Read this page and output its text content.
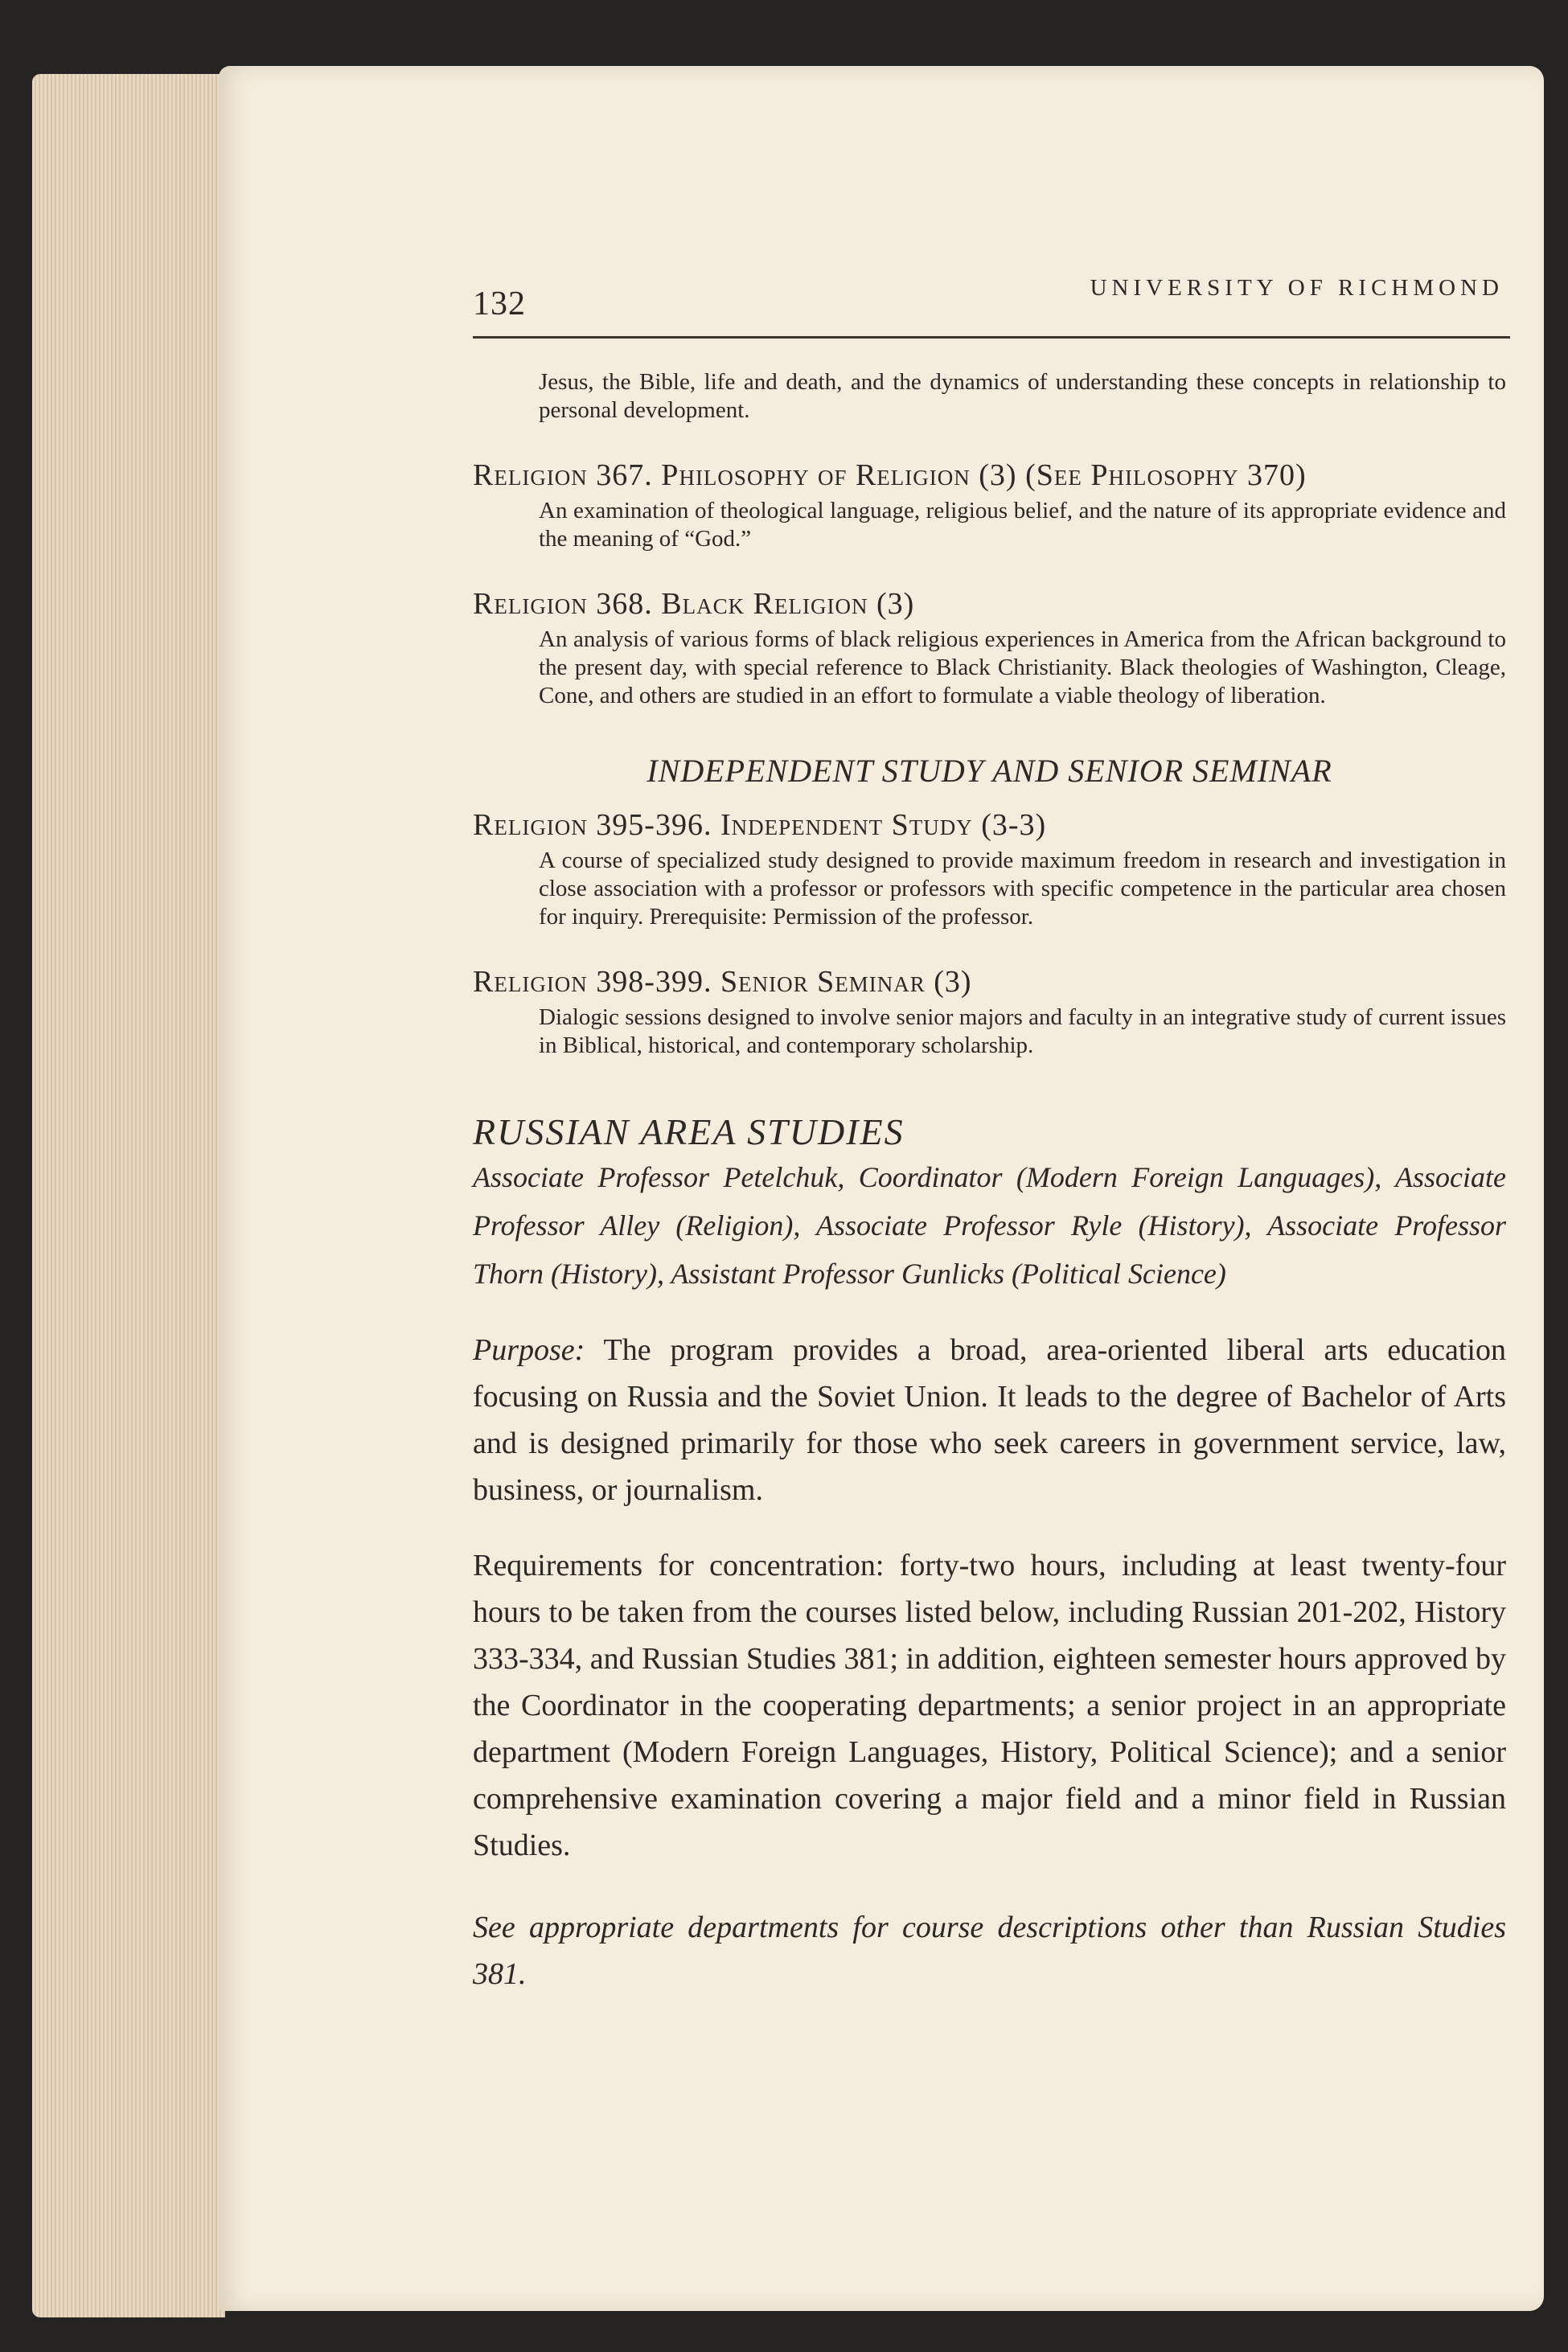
132	UNIVERSITY OF RICHMOND

Jesus, the Bible, life and death, and the dynamics of understanding these concepts in relationship to personal development.

Religion 367. Philosophy of Religion (3) (See Philosophy 370)

An examination of theological language, religious belief, and the nature of its appropriate evidence and the meaning of “God.”

Religion 368. Black Religion (3)

An analysis of various forms of black religious experiences in America from the African background to the present day, with special reference to Black Christianity. Black theologies of Washington, Cleage, Cone, and others are studied in an effort to formulate a viable theology of liberation.

INDEPENDENT STUDY AND SENIOR SEMINAR

Religion 395-396. Independent Study (3-3)

A course of specialized study designed to provide maximum freedom in research and investigation in close association with a professor or professors with specific competence in the particular area chosen for inquiry. Prerequisite: Permission of the professor.

Religion 398-399. Senior Seminar (3)

Dialogic sessions designed to involve senior majors and faculty in an integrative study of current issues in Biblical, historical, and contemporary scholarship.

RUSSIAN AREA STUDIES

Associate Professor Petelchuk, Coordinator (Modern Foreign Languages), Associate Professor Alley (Religion), Associate Professor Ryle (History), Associate Professor Thorn (History), Assistant Professor Gunlicks (Political Science)

Purpose: The program provides a broad, area-oriented liberal arts education focusing on Russia and the Soviet Union. It leads to the degree of Bachelor of Arts and is designed primarily for those who seek careers in government service, law, business, or journalism.

Requirements for concentration: forty-two hours, including at least twenty-four hours to be taken from the courses listed below, including Russian 201-202, History 333-334, and Russian Studies 381; in addition, eighteen semester hours approved by the Coordinator in the cooperating departments; a senior project in an appropriate department (Modern Foreign Languages, History, Political Science); and a senior comprehensive examination covering a major field and a minor field in Russian Studies.

See appropriate departments for course descriptions other than Russian Studies 381.
